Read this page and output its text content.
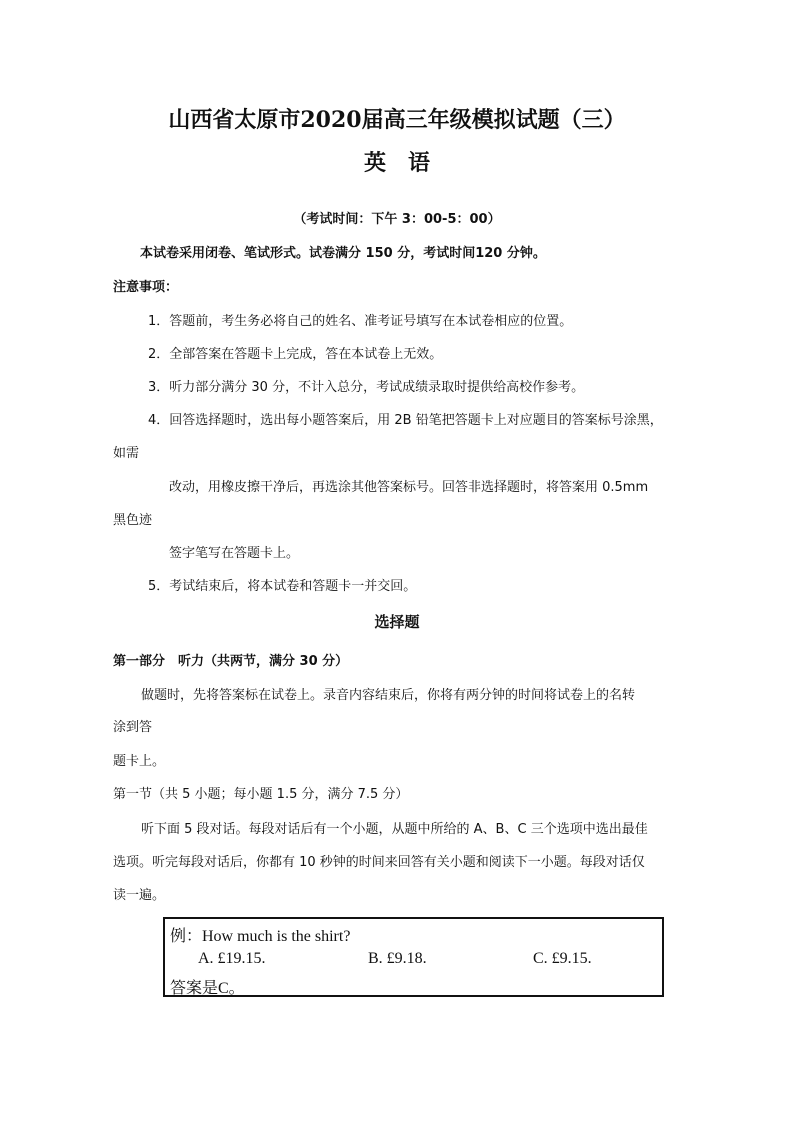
山西省太原市2020届高三年级模拟试题（三）
英语
（考试时间：下午 3：00-5：00）
本试卷采用闭卷、笔试形式。试卷满分 150 分，考试时间120 分钟。
注意事项：
1．答题前，考生务必将自己的姓名、准考证号填写在本试卷相应的位置。
2．全部答案在答题卡上完成，答在本试卷上无效。
3．听力部分满分 30 分，不计入总分，考试成绩录取时提供给高校作参考。
4．回答选择题时，选出每小题答案后，用 2B 铅笔把答题卡上对应题目的答案标号涂黑，
如需
改动，用橡皮擦干净后，再选涂其他答案标号。回答非选择题时，将答案用 0.5mm
黑色迹
签字笔写在答题卡上。
5．考试结束后，将本试卷和答题卡一并交回。
选择题
第一部分　听力（共两节，满分 30 分）
做题时，先将答案标在试卷上。录音内容结束后，你将有两分钟的时间将试卷上的名转
涂到答
题卡上。
第一节（共 5 小题；每小题 1.5 分，满分 7.5 分）
听下面 5 段对话。每段对话后有一个小题，从题中所给的 A、B、C 三个选项中选出最佳
选项。听完每段对话后，你都有 10 秒钟的时间来回答有关小题和阅读下一小题。每段对话仅
读一遍。
例：How much is the shirt?
A. £19.15.	B. £9.18.	C. £9.15.
答案是C。
